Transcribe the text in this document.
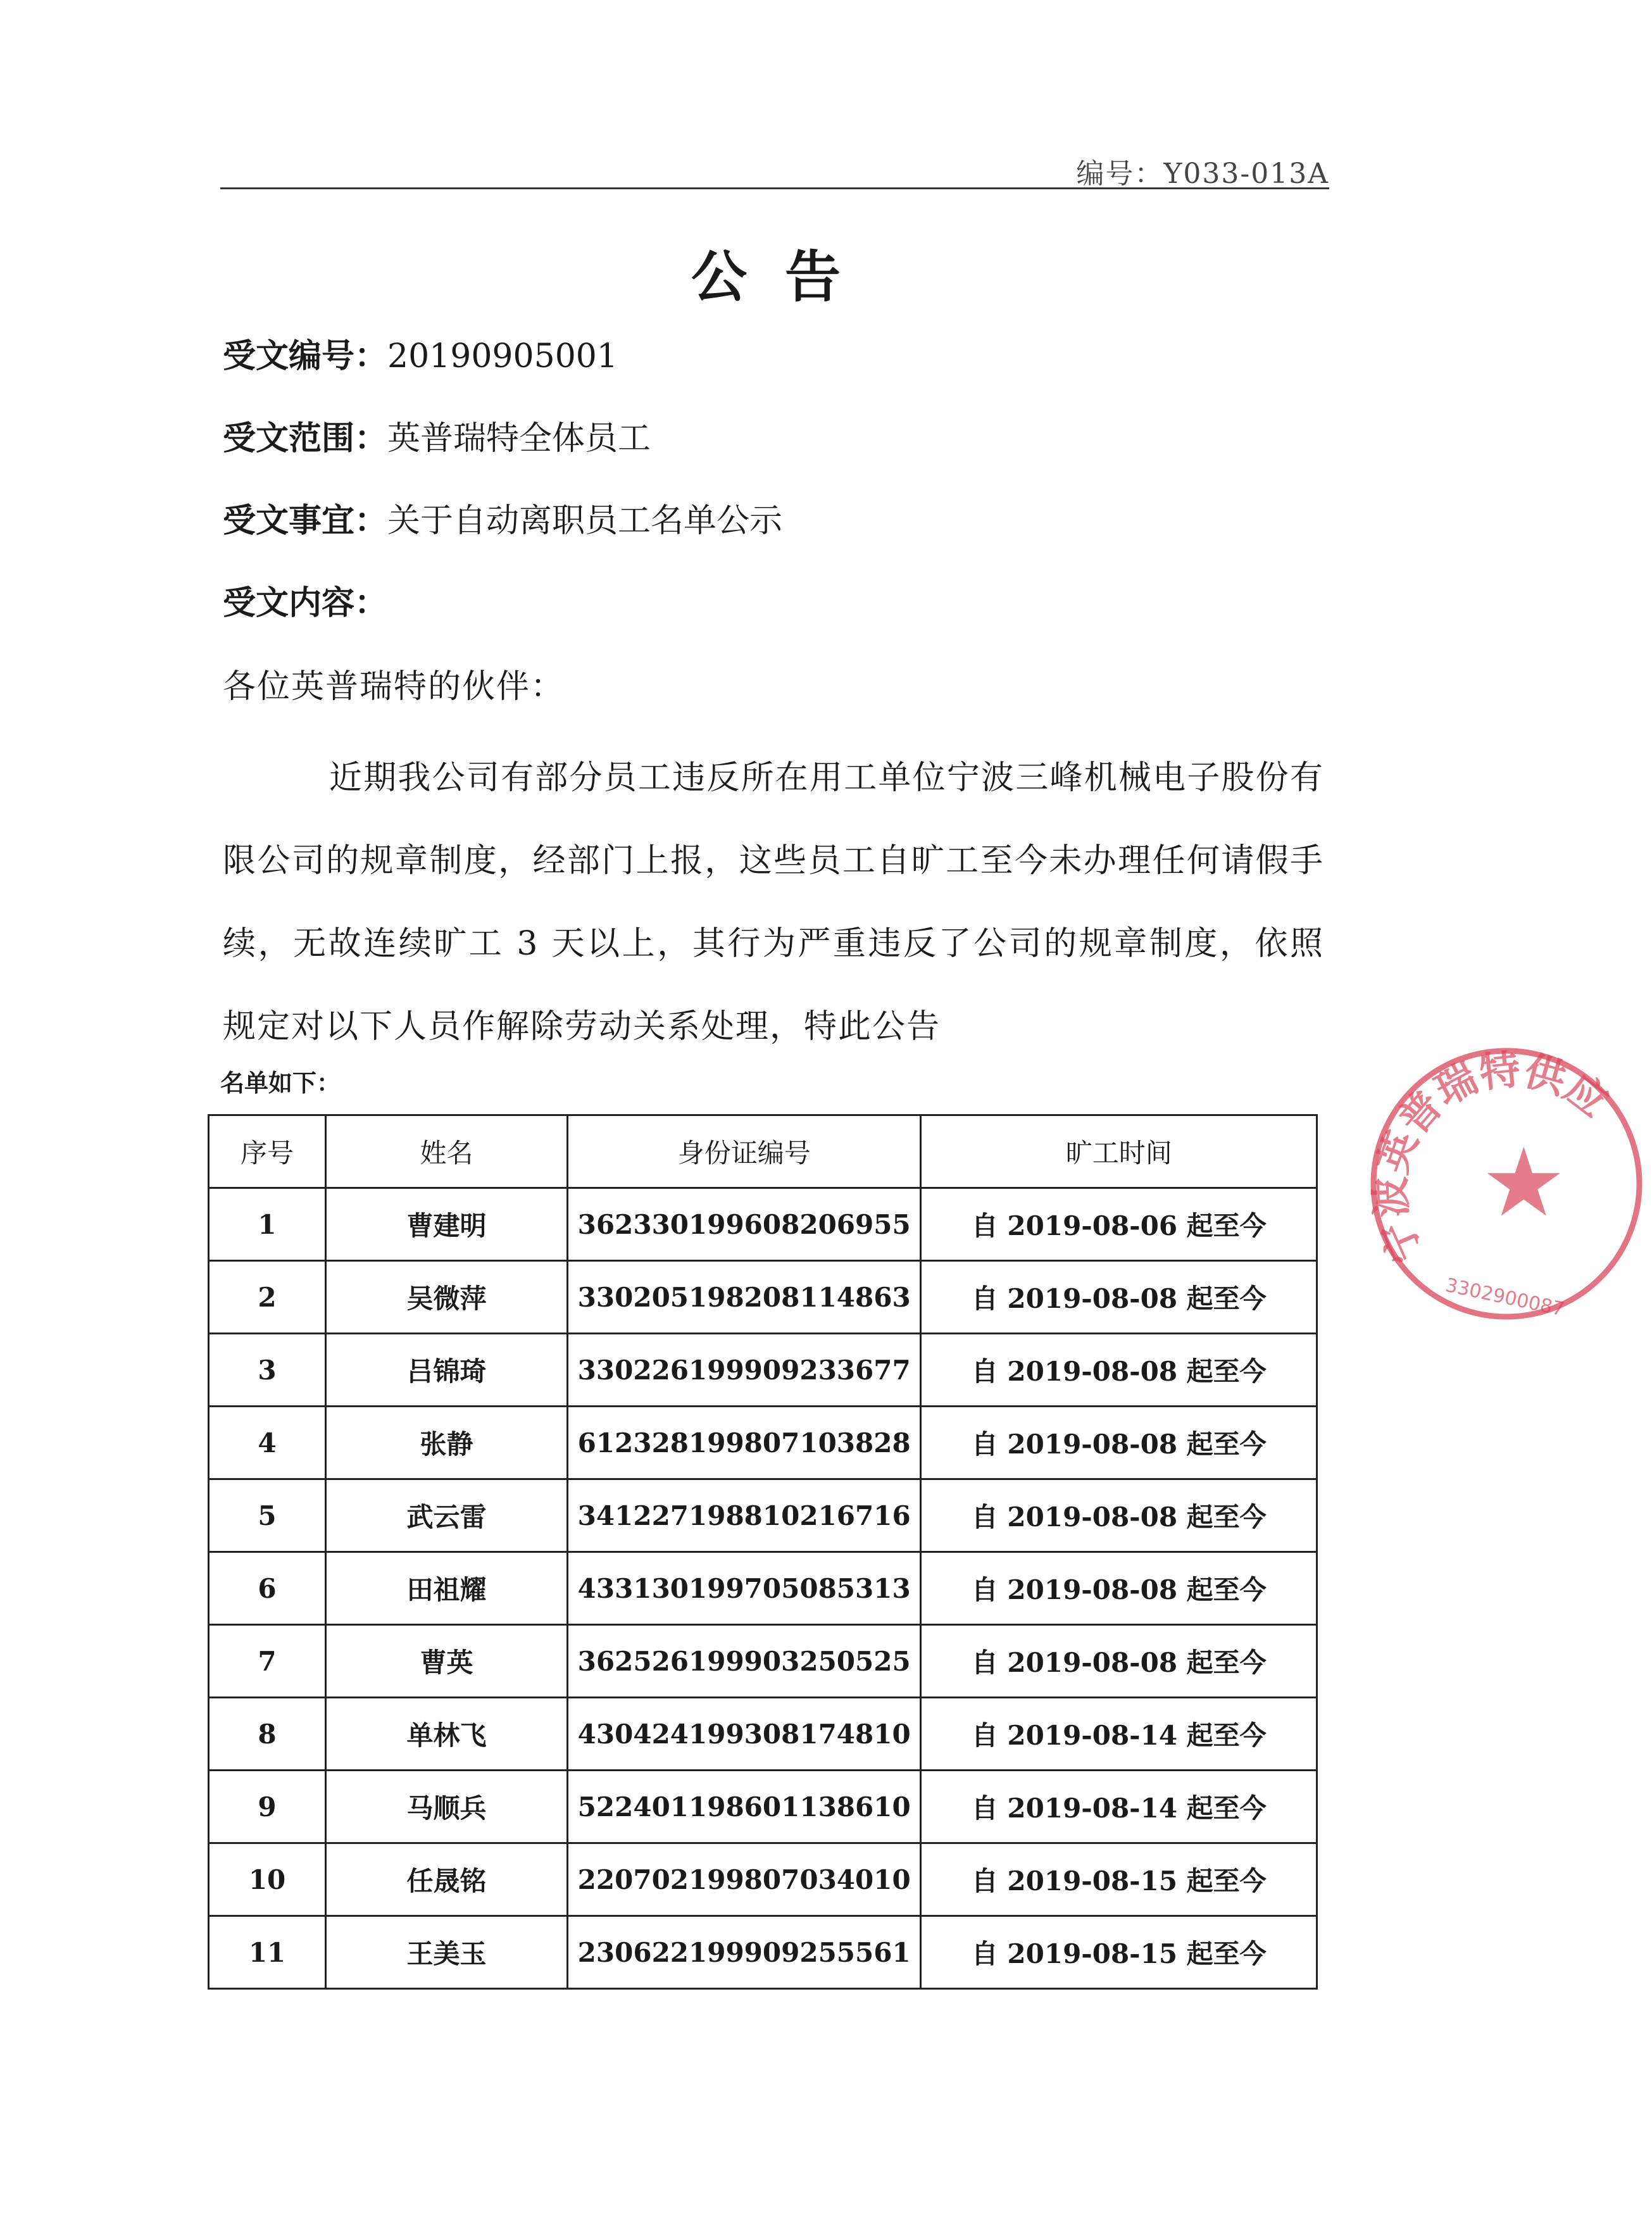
编号：Y033-013A
公告
受文编号：20190905001
受文范围：英普瑞特全体员工
受文事宜：关于自动离职员工名单公示
受文内容：
各位英普瑞特的伙伴：

近期我公司有部分员工违反所在用工单位宁波三峰机械电子股份有限公司的规章制度，经部门上报，这些员工自旷工至今未办理任何请假手续，无故连续旷工 3 天以上，其行为严重违反了公司的规章制度，依照规定对以下人员作解除劳动关系处理，特此公告

名单如下：
序号	姓名	身份证编号	旷工时间
1	曹建明	362330199608206955	自 2019-08-06 起至今
2	吴微萍	330205198208114863	自 2019-08-08 起至今
3	吕锦琦	330226199909233677	自 2019-08-08 起至今
4	张静	612328199807103828	自 2019-08-08 起至今
5	武云雷	341227198810216716	自 2019-08-08 起至今
6	田祖耀	433130199705085313	自 2019-08-08 起至今
7	曹英	362526199903250525	自 2019-08-08 起至今
8	单林飞	430424199308174810	自 2019-08-14 起至今
9	马顺兵	522401198601138610	自 2019-08-14 起至今
10	任晟铭	220702199807034010	自 2019-08-15 起至今
11	王美玉	230622199909255561	自 2019-08-15 起至今
宁波英普瑞特供应
★
3302900087
